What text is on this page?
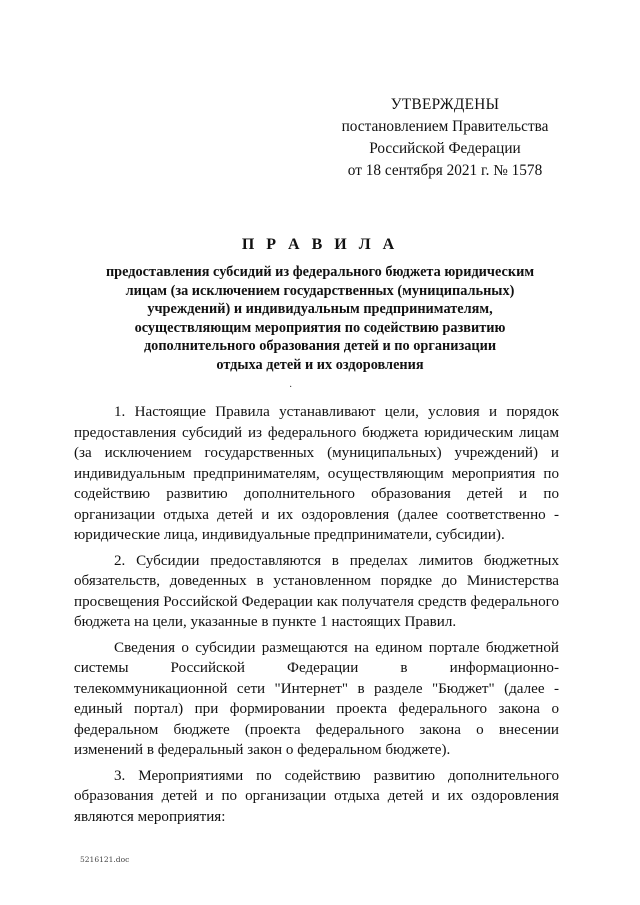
УТВЕРЖДЕНЫ
постановлением Правительства
Российской Федерации
от 18 сентября 2021 г. № 1578
П Р А В И Л А
предоставления субсидий из федерального бюджета юридическим
лицам (за исключением государственных (муниципальных)
учреждений) и индивидуальным предпринимателям,
осуществляющим мероприятия по содействию развитию
дополнительного образования детей и по организации
отдыха детей и их оздоровления
·

1. Настоящие Правила устанавливают цели, условия и порядок предоставления субсидий из федерального бюджета юридическим лицам (за исключением государственных (муниципальных) учреждений) и индивидуальным предпринимателям, осуществляющим мероприятия по содействию развитию дополнительного образования детей и по организации отдыха детей и их оздоровления (далее соответственно - юридические лица, индивидуальные предприниматели, субсидии).

2. Субсидии предоставляются в пределах лимитов бюджетных обязательств, доведенных в установленном порядке до Министерства просвещения Российской Федерации как получателя средств федерального бюджета на цели, указанные в пункте 1 настоящих Правил.

Сведения о субсидии размещаются на едином портале бюджетной системы Российской Федерации в информационно-телекоммуникационной сети "Интернет" в разделе "Бюджет" (далее - единый портал) при формировании проекта федерального закона о федеральном бюджете (проекта федерального закона о внесении изменений в федеральный закон о федеральном бюджете).

3. Мероприятиями по содействию развитию дополнительного образования детей и по организации отдыха детей и их оздоровления являются мероприятия:

5216121.doc
